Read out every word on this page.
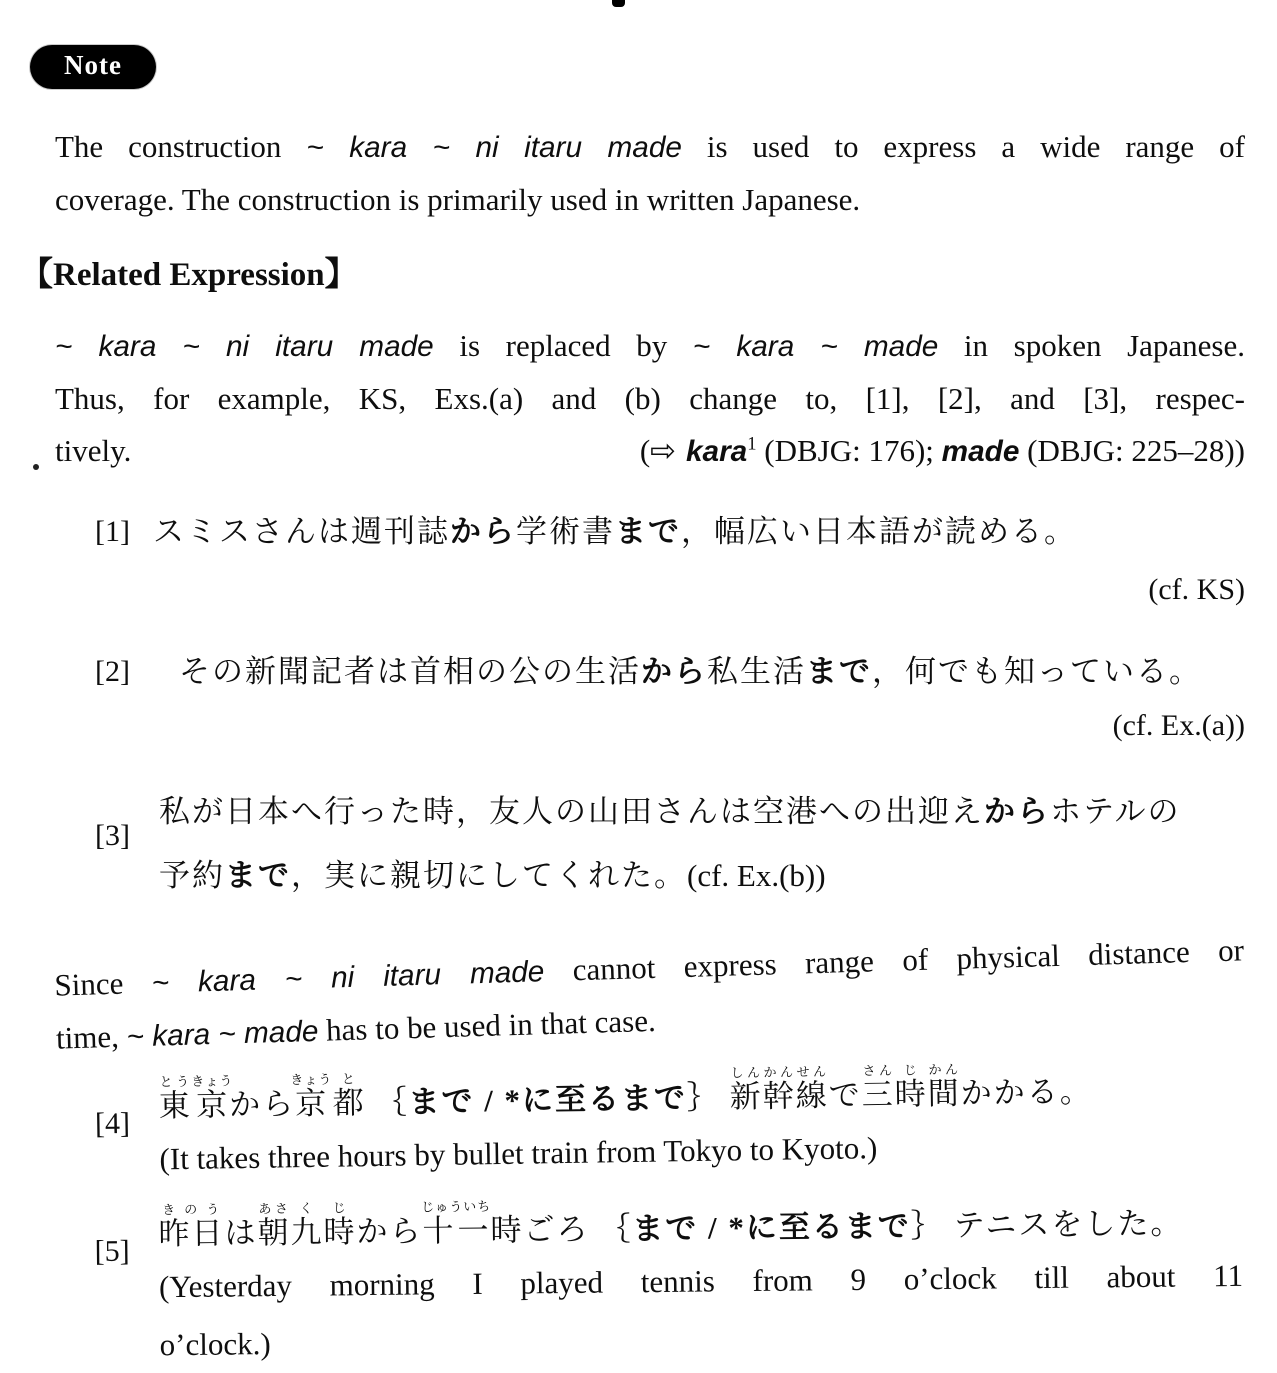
Note
The construction ~ kara ~ ni itaru made is used to express a wide range of
coverage. The construction is primarily used in written Japanese.
【Related Expression】
~ kara ~ ni itaru made is replaced by ~ kara ~ made in spoken Japanese.
Thus, for example, KS, Exs.(a) and (b) change to, [1], [2], and [3], respec-
tively.	(⇨ kara$^1$ (DBJG: 176); made (DBJG: 225–28))
[1] スミスさんは週刊誌から学術書まで，幅広い日本語が読める。
(cf. KS)
[2]	その新聞記者は首相の公の生活から私生活まで，何でも知っている。
(cf. Ex.(a))
[3]
私が日本へ行った時，友人の山田さんは空港への出迎えからホテルの
予約まで，実に親切にしてくれた。(cf. Ex.(b))
Since ~ kara ~ ni itaru made cannot express range of physical distance or
time, ~ kara ~ made has to be used in that case.
[4]
東とう京きょうから京きょう都と ｛まで / *に至るまで｝ 新しん幹かん線せんで三さん時じ間かんかかる。
(It takes three hours by bullet train from Tokyo to Kyoto.)
[5] 昨日きのうは朝あさ九く時じから十一じゅういち時ごろ ｛まで / *に至るまで｝ テニスをした。
(Yesterday morning I played tennis from 9 o’clock till about 11
o’clock.)
